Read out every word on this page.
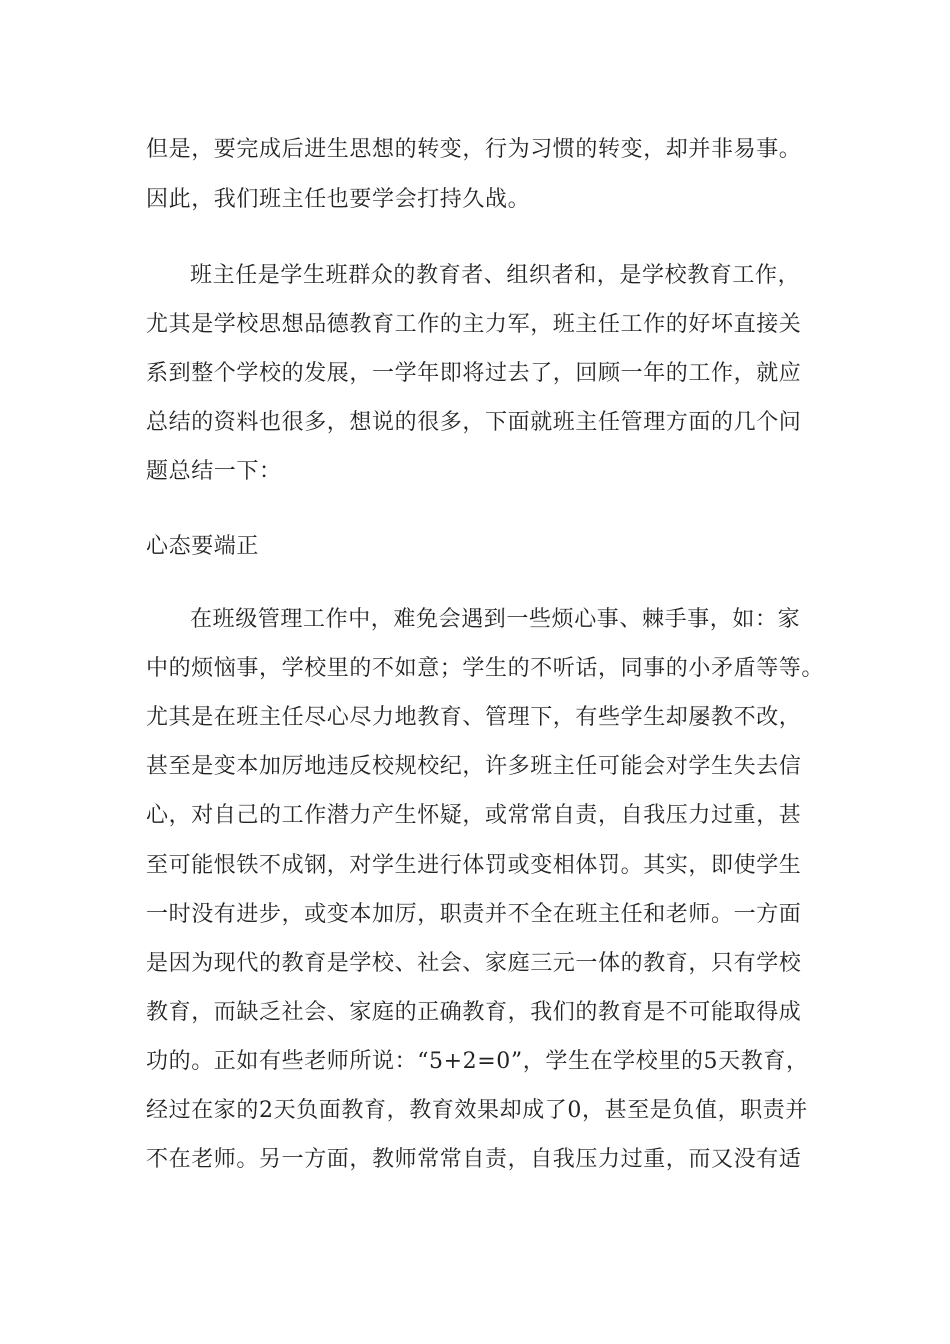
但是，要完成后进生思想的转变，行为习惯的转变，却并非易事。
因此，我们班主任也要学会打持久战。
班主任是学生班群众的教育者、组织者和，是学校教育工作，
尤其是学校思想品德教育工作的主力军，班主任工作的好坏直接关
系到整个学校的发展，一学年即将过去了，回顾一年的工作，就应
总结的资料也很多，想说的很多，下面就班主任管理方面的几个问
题总结一下：
心态要端正
在班级管理工作中，难免会遇到一些烦心事、棘手事，如：家
中的烦恼事，学校里的不如意；学生的不听话，同事的小矛盾等等。
尤其是在班主任尽心尽力地教育、管理下，有些学生却屡教不改，
甚至是变本加厉地违反校规校纪，许多班主任可能会对学生失去信
心，对自己的工作潜力产生怀疑，或常常自责，自我压力过重，甚
至可能恨铁不成钢，对学生进行体罚或变相体罚。其实，即使学生
一时没有进步，或变本加厉，职责并不全在班主任和老师。一方面
是因为现代的教育是学校、社会、家庭三元一体的教育，只有学校
教育，而缺乏社会、家庭的正确教育，我们的教育是不可能取得成
功的。正如有些老师所说：“5+2=0”，学生在学校里的5天教育，
经过在家的2天负面教育，教育效果却成了0，甚至是负值，职责并
不在老师。另一方面，教师常常自责，自我压力过重，而又没有适
